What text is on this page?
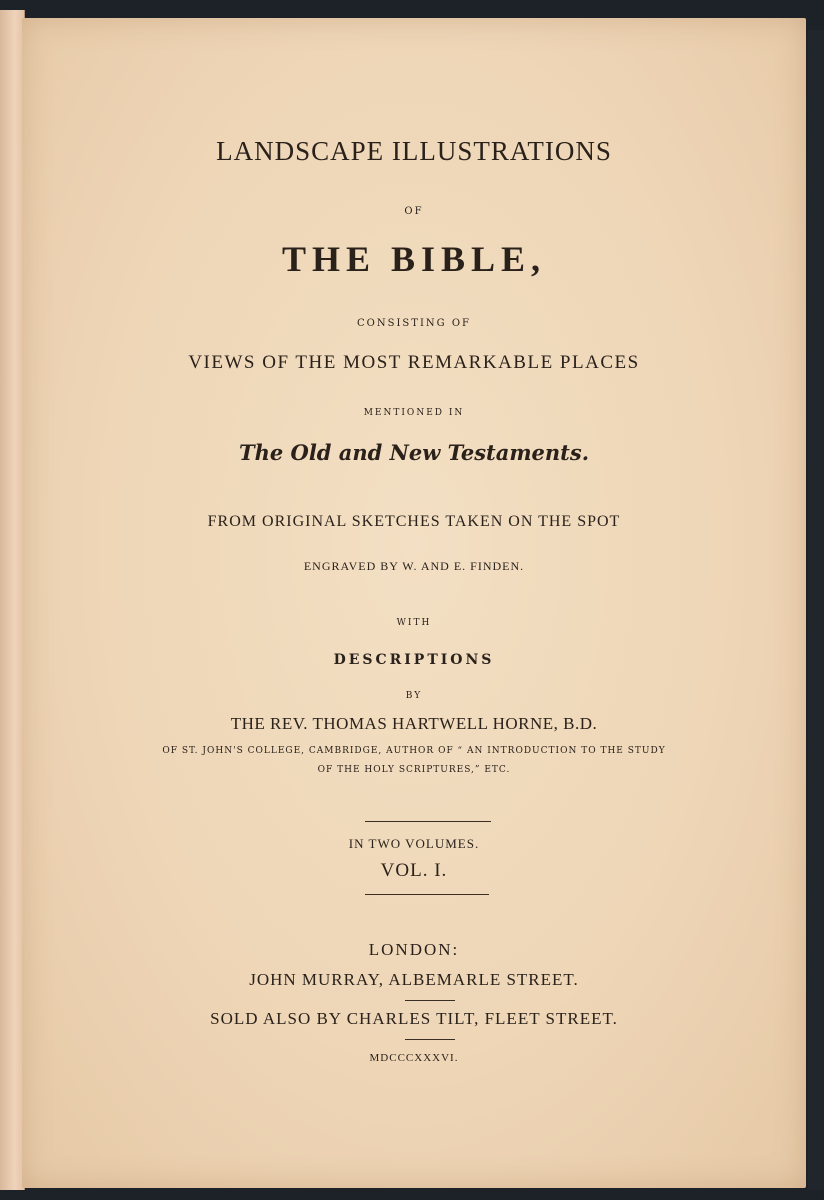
LANDSCAPE ILLUSTRATIONS
OF
THE BIBLE,
CONSISTING OF
VIEWS OF THE MOST REMARKABLE PLACES
MENTIONED IN
The Old and New Testaments.
FROM ORIGINAL SKETCHES TAKEN ON THE SPOT
ENGRAVED BY W. AND E. FINDEN.
WITH
DESCRIPTIONS
BY
THE REV. THOMAS HARTWELL HORNE, B.D.
OF ST. JOHN'S COLLEGE, CAMBRIDGE, AUTHOR OF “ AN INTRODUCTION TO THE STUDY
OF THE HOLY SCRIPTURES,” ETC.
IN TWO VOLUMES.
VOL. I.
LONDON:
JOHN MURRAY, ALBEMARLE STREET.
SOLD ALSO BY CHARLES TILT, FLEET STREET.
MDCCCXXXVI.
